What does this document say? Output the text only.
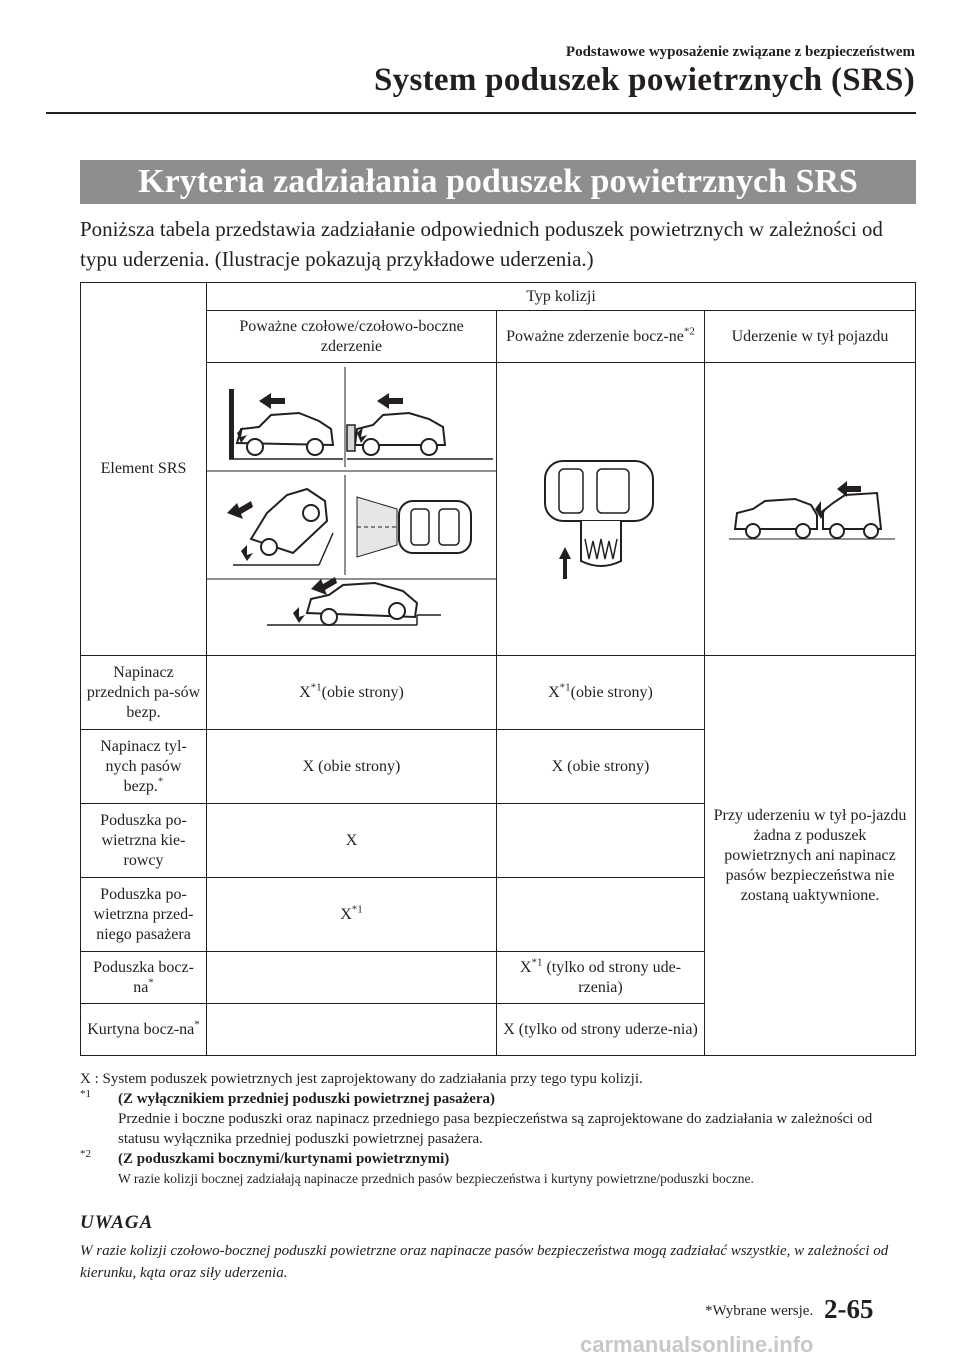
Podstawowe wyposażenie związane z bezpieczeństwem
System poduszek powietrznych (SRS)
Kryteria zadziałania poduszek powietrznych SRS
Poniższa tabela przedstawia zadziałanie odpowiednich poduszek powietrznych w zależności od typu uderzenia. (Ilustracje pokazują przykładowe uderzenia.)
Element SRS	Typ kolizji		
	Poważne czołowe/czołowo-boczne zderzenie	Poważne zderzenie bocz-$ne^{*2}$	Uderzenie w tył pojazdu

Napinacz przednich pa-sów bezp.	$X^{*1}(obie$ strony)	$X^{*1}(obie$ strony)	Przy uderzeniu w tył po-jazdu żadna z poduszek powietrznych ani napinacz pasów bezpieczeństwa nie zostaną uaktywnione.
Napinacz tyl-nych pasów bezp.*	X (obie strony)	X (obie strony)	
Poduszka po-wietrzna kie-rowcy	X		
Poduszka po-wietrzna przed-niego pasażera	$X^{*1}$	
Poduszka bocz-na*		$X^{*1}$ (tylko od strony ude-rzenia)	
Kurtyna bocz-na*		X (tylko od strony uderze-nia)	
X : System poduszek powietrznych jest zaprojektowany do zadziałania przy tego typu kolizji.
$^{*1}$	(Z wyłącznikiem przedniej poduszki powietrznej pasażera)
Przednie i boczne poduszki oraz napinacz przedniego pasa bezpieczeństwa są zaprojektowane do zadziałania w zależności od statusu wyłącznika przedniej poduszki powietrznej pasażera.
$^{*2}$	(Z poduszkami bocznymi/kurtynami powietrznymi)
W razie kolizji bocznej zadziałają napinacze przednich pasów bezpieczeństwa i kurtyny powietrzne/poduszki boczne.
UWAGA
W razie kolizji czołowo-bocznej poduszki powietrzne oraz napinacze pasów bezpieczeństwa mogą zadziałać wszystkie, w zależności od kierunku, kąta oraz siły uderzenia.
*Wybrane wersje. 2-65
carmanualsonline.info
